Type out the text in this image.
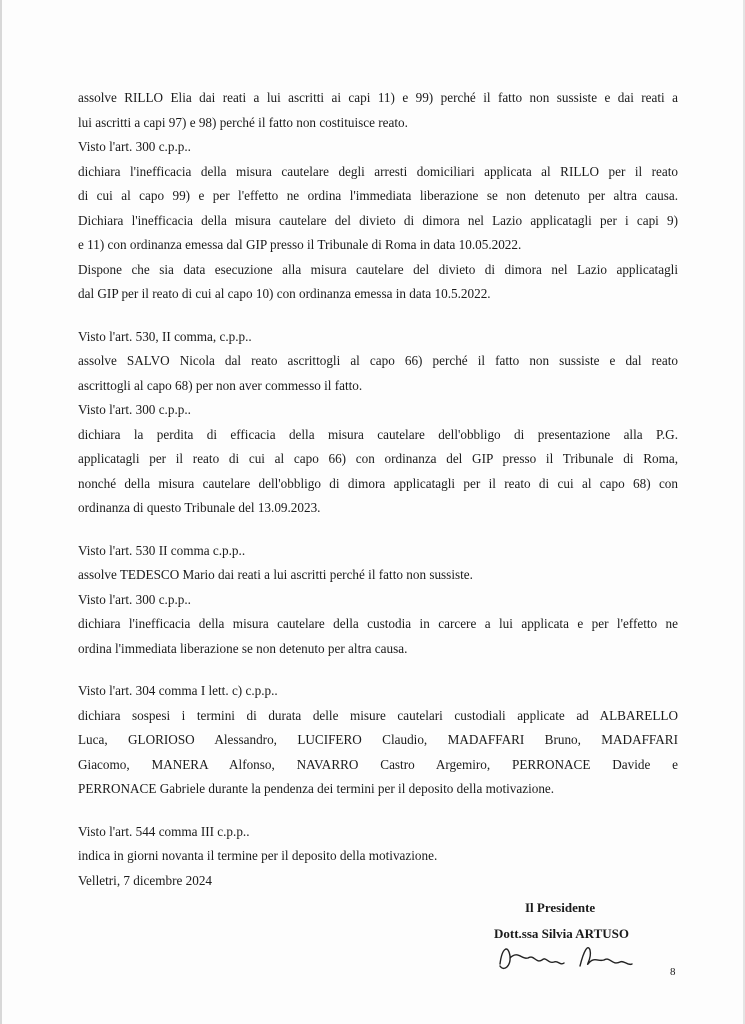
assolve RILLO Elia dai reati a lui ascritti ai capi 11) e 99) perché il fatto non sussiste e dai reati a
lui ascritti a capi 97) e 98) perché il fatto non costituisce reato.
Visto l'art. 300 c.p.p..
dichiara l'inefficacia della misura cautelare degli arresti domiciliari applicata al RILLO per il reato
di cui al capo 99) e per l'effetto ne ordina l'immediata liberazione se non detenuto per altra causa.
Dichiara l'inefficacia della misura cautelare del divieto di dimora nel Lazio applicatagli per i capi 9)
e 11) con ordinanza emessa dal GIP presso il Tribunale di Roma in data 10.05.2022.
Dispone che sia data esecuzione alla misura cautelare del divieto di dimora nel Lazio applicatagli
dal GIP per il reato di cui al capo 10) con ordinanza emessa in data 10.5.2022.
Visto l'art. 530, II comma, c.p.p..
assolve SALVO Nicola dal reato ascrittogli al capo 66) perché il fatto non sussiste e dal reato
ascrittogli al capo 68) per non aver commesso il fatto.
Visto l'art. 300 c.p.p..
dichiara la perdita di efficacia della misura cautelare dell'obbligo di presentazione alla P.G.
applicatagli per il reato di cui al capo 66) con ordinanza del GIP presso il Tribunale di Roma,
nonché della misura cautelare dell'obbligo di dimora applicatagli per il reato di cui al capo 68) con
ordinanza di questo Tribunale del 13.09.2023.
Visto l'art. 530 II comma c.p.p..
assolve TEDESCO Mario dai reati a lui ascritti perché il fatto non sussiste.
Visto l'art. 300 c.p.p..
dichiara l'inefficacia della misura cautelare della custodia in carcere a lui applicata e per l'effetto ne
ordina l'immediata liberazione se non detenuto per altra causa.
Visto l'art. 304 comma I lett. c) c.p.p..
dichiara sospesi i termini di durata delle misure cautelari custodiali applicate ad ALBARELLO
Luca, GLORIOSO Alessandro, LUCIFERO Claudio, MADAFFARI Bruno, MADAFFARI
Giacomo, MANERA Alfonso, NAVARRO Castro Argemiro, PERRONACE Davide e
PERRONACE Gabriele durante la pendenza dei termini per il deposito della motivazione.
Visto l'art. 544 comma III c.p.p..
indica in giorni novanta il termine per il deposito della motivazione.
Velletri, 7 dicembre 2024
Il Presidente
Dott.ssa Silvia ARTUSO
8
